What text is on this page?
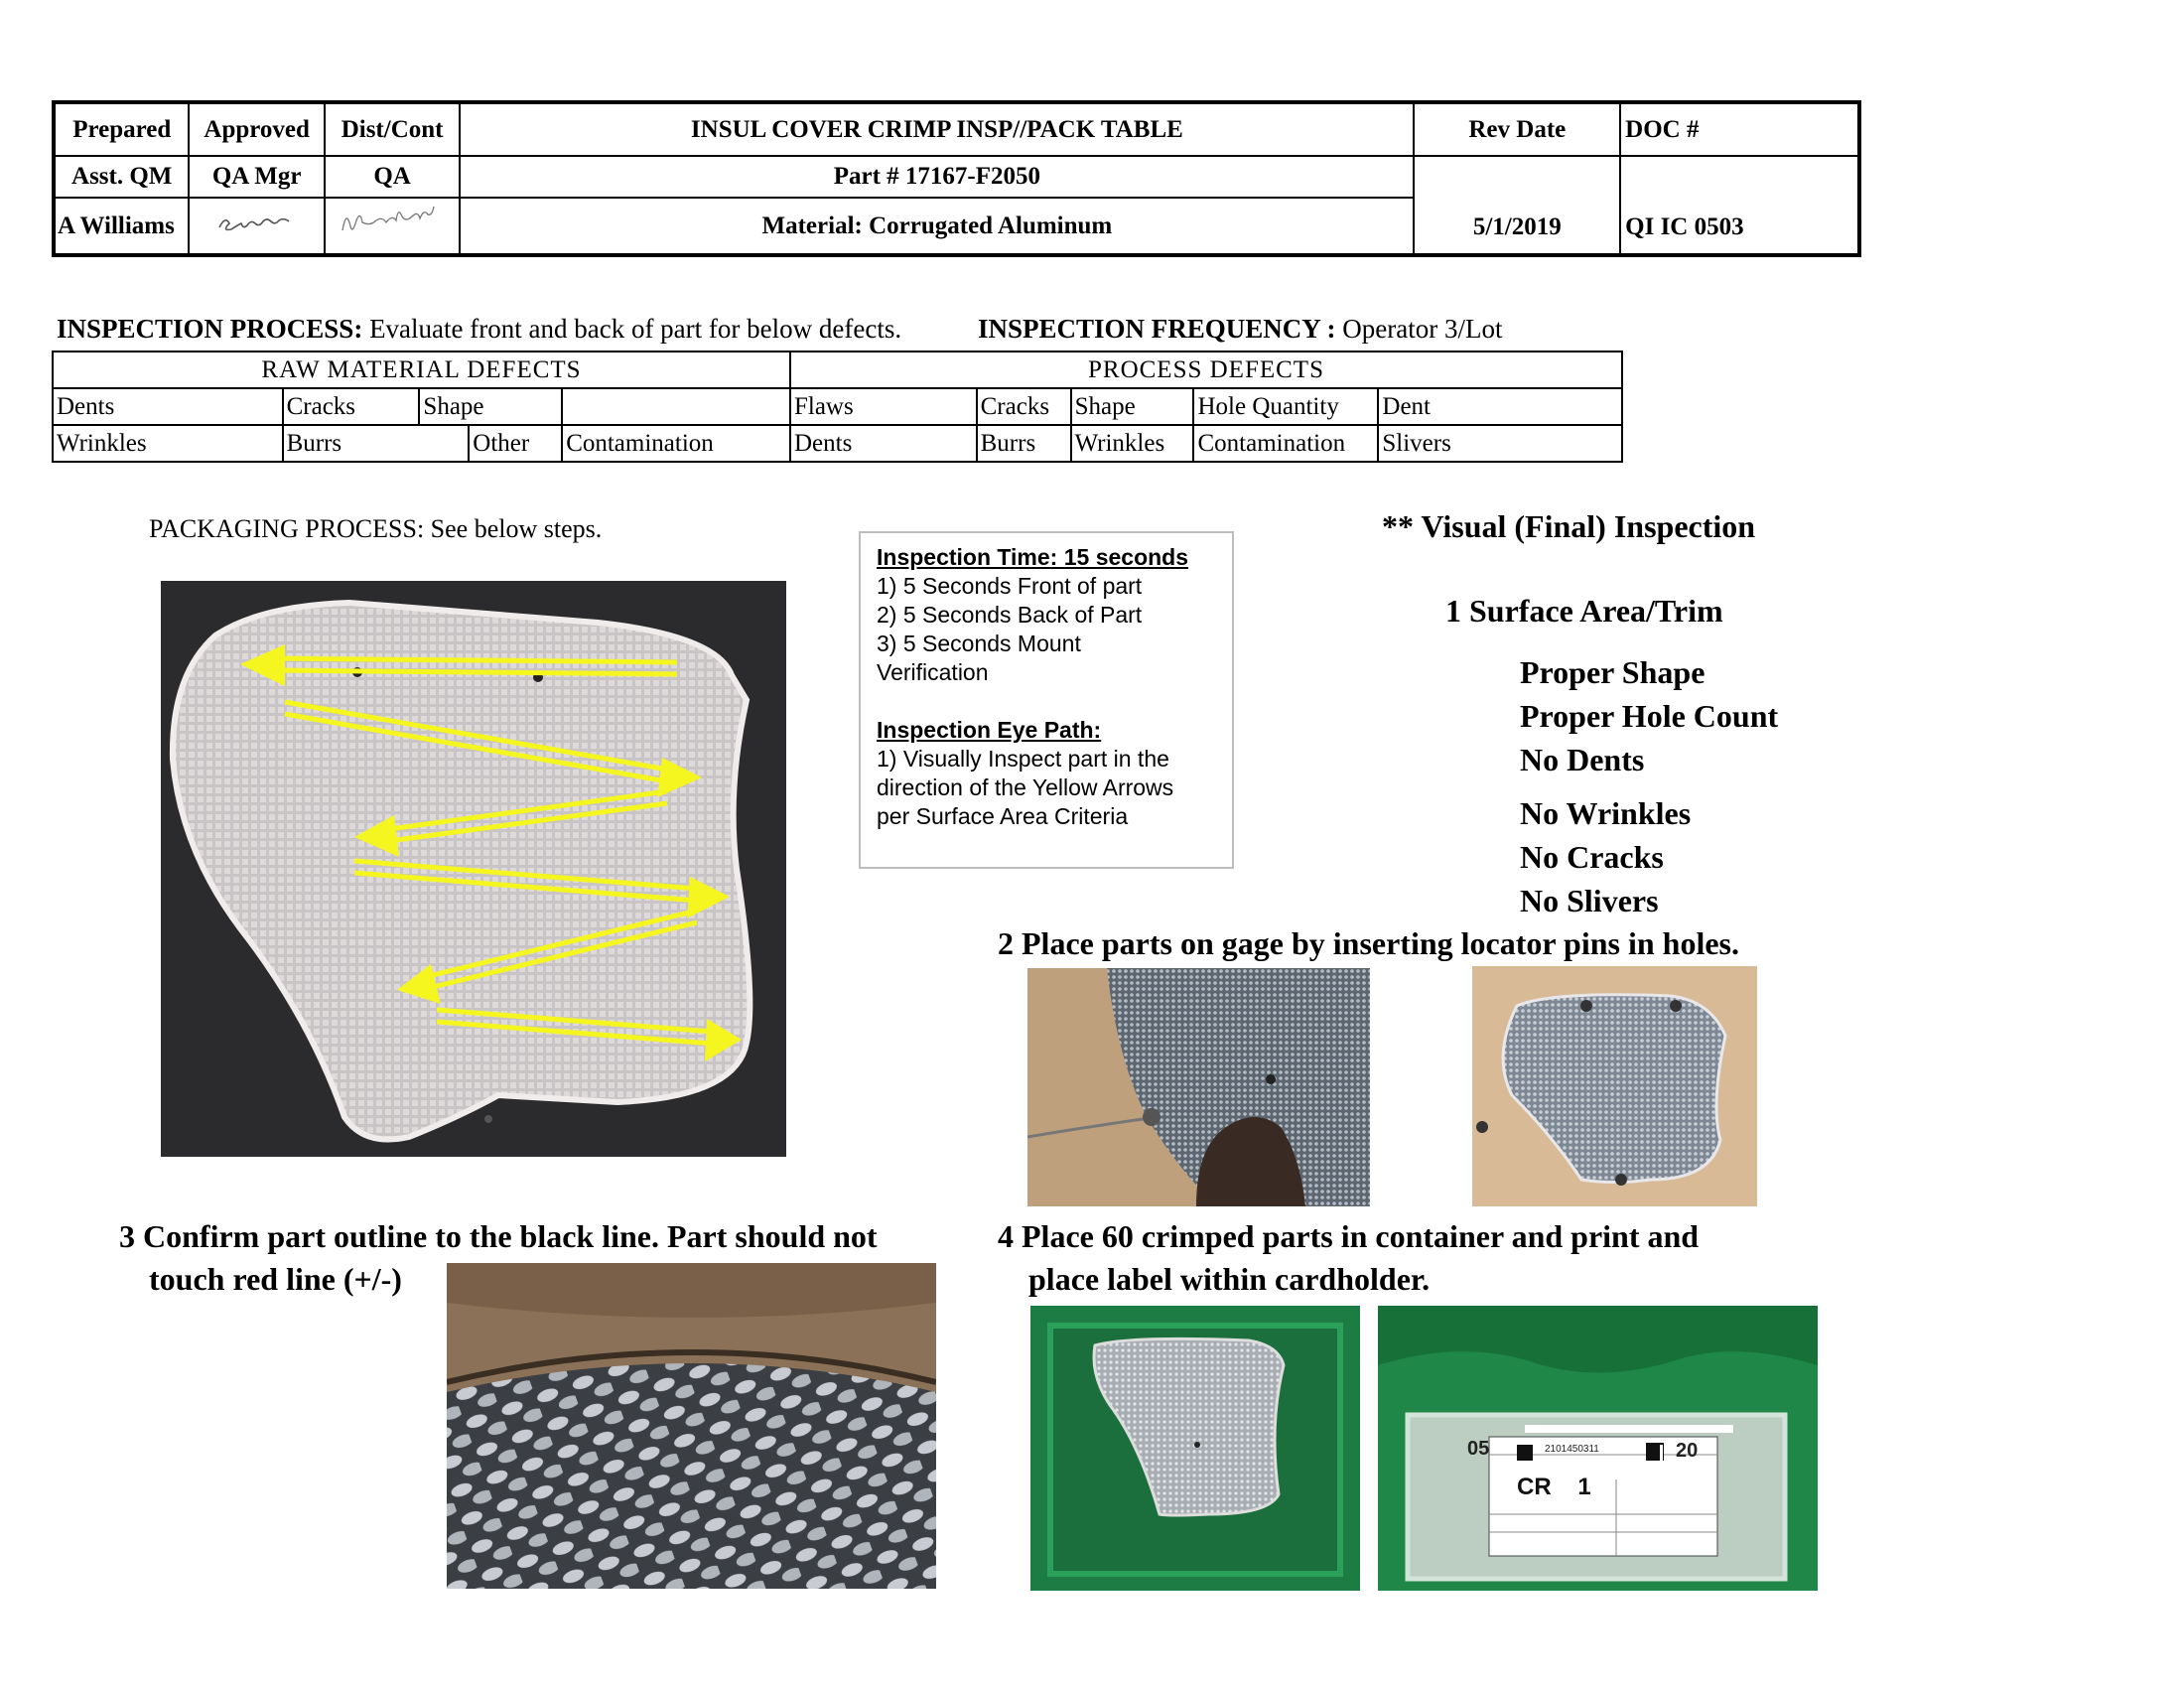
Prepared	Approved	Dist/Cont	INSUL COVER CRIMP INSP//PACK TABLE	Rev Date	DOC #
Asst. QM	QA Mgr	QA	Part # 17167-F2050	5/1/2019	QI IC 0503
A Williams			Material: Corrugated Aluminum		
INSPECTION PROCESS: Evaluate front and back of part for below defects.	INSPECTION FREQUENCY : Operator 3/Lot
RAW MATERIAL DEFECTS					PROCESS DEFECTS				
Dents	Cracks	Shape			Flaws	Cracks	Shape	Hole Quantity	Dent
Wrinkles	Burrs		Other	Contamination	Dents	Burrs	Wrinkles	Contamination	Slivers
PACKAGING PROCESS: See below steps.
Inspection Time: 15 seconds
1) 5 Seconds Front of part
2) 5 Seconds Back of Part
3) 5 Seconds Mount
Verification
Inspection Eye Path:
1) Visually Inspect part in the
direction of the Yellow Arrows
per Surface Area Criteria
** Visual (Final) Inspection
1 Surface Area/Trim
Proper Shape
Proper Hole Count
No Dents
No Wrinkles
No Cracks
No Slivers
2 Place parts on gage by inserting locator pins in holes.
3 Confirm part outline to the black line. Part should not
touch red line (+/-)
4 Place 60 crimped parts in container and print and
place label within cardholder.
05	20
2101450311
CR    1
